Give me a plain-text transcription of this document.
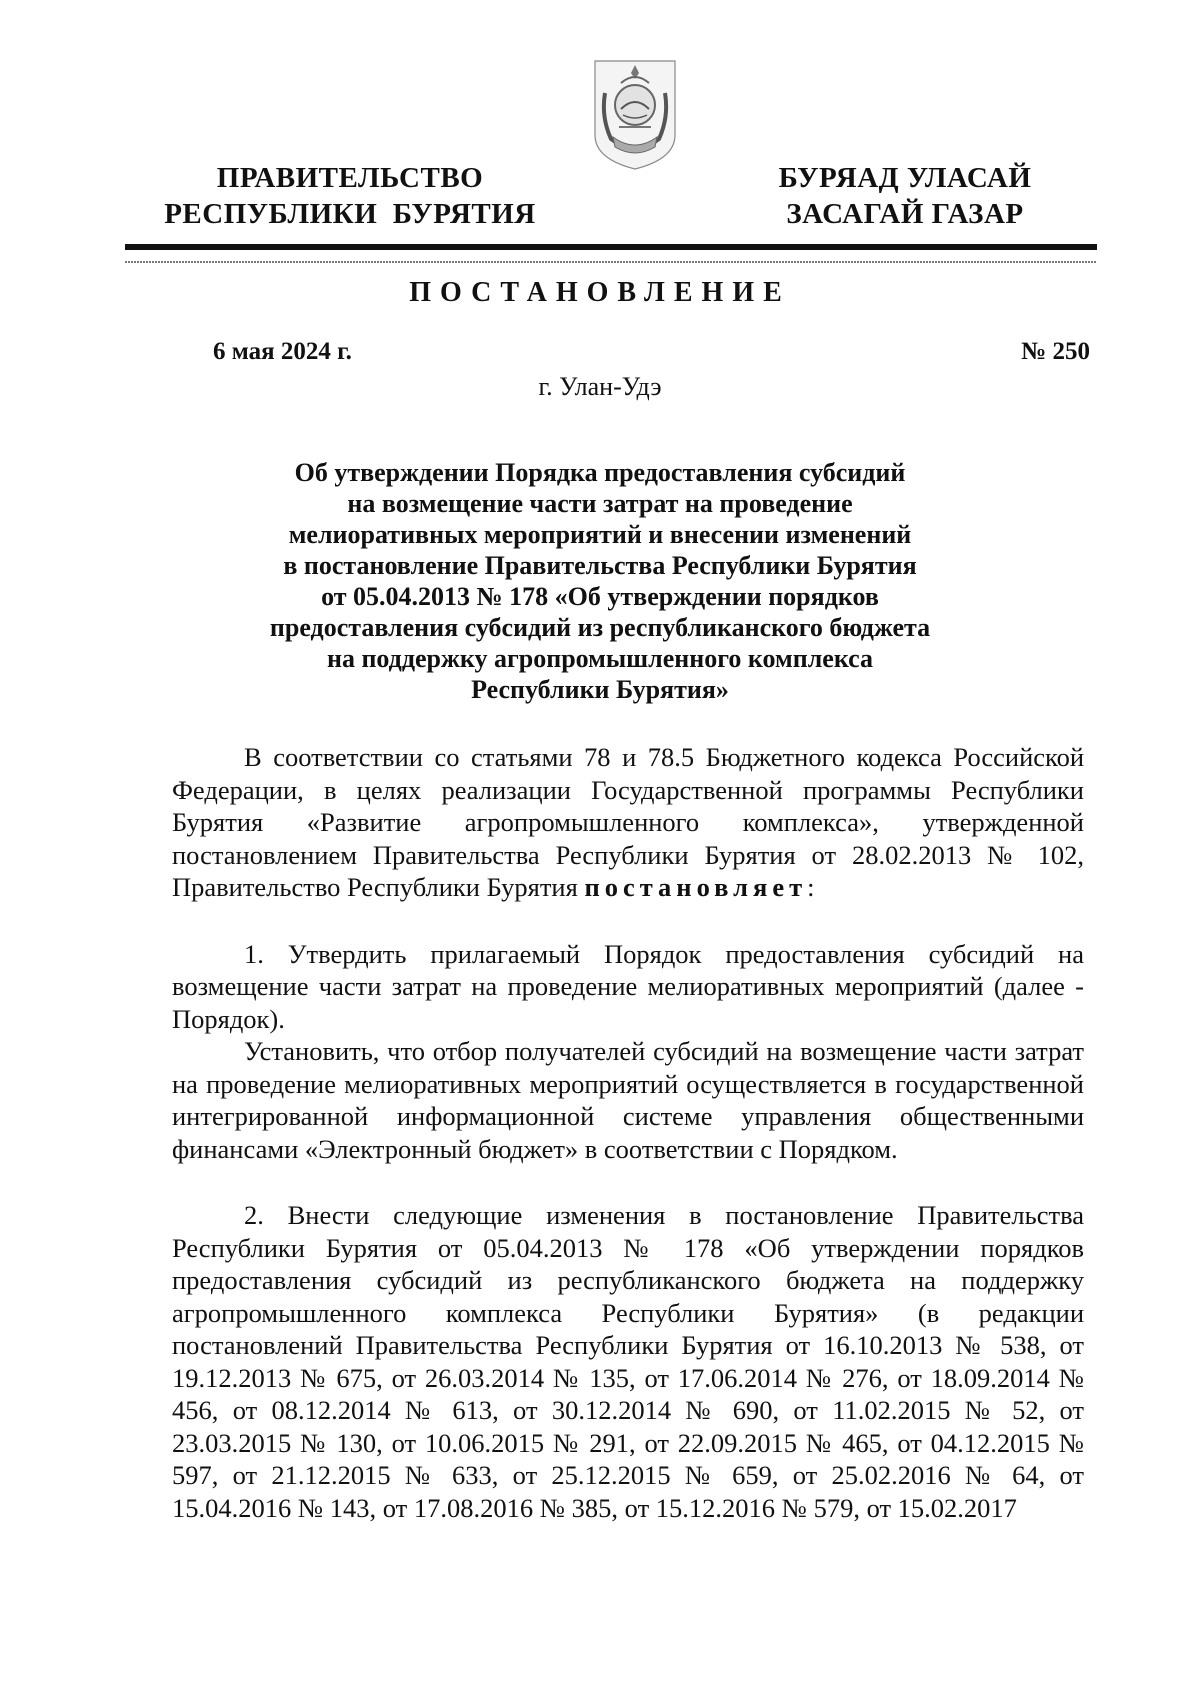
ПРАВИТЕЛЬСТВО
РЕСПУБЛИКИ  БУРЯТИЯ
БУРЯАД УЛАСАЙ
ЗАСАГАЙ ГАЗАР
ПОСТАНОВЛЕНИЕ
6 мая 2024 г.	№ 250
г. Улан-Удэ
Об утверждении Порядка предоставления субсидий
на возмещение части затрат на проведение
мелиоративных мероприятий и внесении изменений
в постановление Правительства Республики Бурятия
от 05.04.2013 № 178 «Об утверждении порядков
предоставления субсидий из республиканского бюджета
на поддержку агропромышленного комплекса
Республики Бурятия»

В соответствии со статьями 78 и 78.5 Бюджетного кодекса Российской Федерации, в целях реализации Государственной программы Республики Бурятия «Развитие агропромышленного комплекса», утвержденной постановлением Правительства Республики Бурятия от 28.02.2013 № 102, Правительство Республики Бурятия постановляет:

1. Утвердить прилагаемый Порядок предоставления субсидий на возмещение части затрат на проведение мелиоративных мероприятий (далее - Порядок).

Установить, что отбор получателей субсидий на возмещение части затрат на проведение мелиоративных мероприятий осуществляется в государственной интегрированной информационной системе управления общественными финансами «Электронный бюджет» в соответствии с Порядком.

2. Внести следующие изменения в постановление Правительства Республики Бурятия от 05.04.2013 № 178 «Об утверждении порядков предоставления субсидий из республиканского бюджета на поддержку агропромышленного комплекса Республики Бурятия» (в редакции постановлений Правительства Республики Бурятия от 16.10.2013 № 538, от 19.12.2013 № 675, от 26.03.2014 № 135, от 17.06.2014 № 276, от 18.09.2014 № 456, от 08.12.2014 № 613, от 30.12.2014 № 690, от 11.02.2015 № 52, от 23.03.2015 № 130, от 10.06.2015 № 291, от 22.09.2015 № 465, от 04.12.2015 № 597, от 21.12.2015 № 633, от 25.12.2015 № 659, от 25.02.2016 № 64, от 15.04.2016 № 143, от 17.08.2016 № 385, от 15.12.2016 № 579, от 15.02.2017
